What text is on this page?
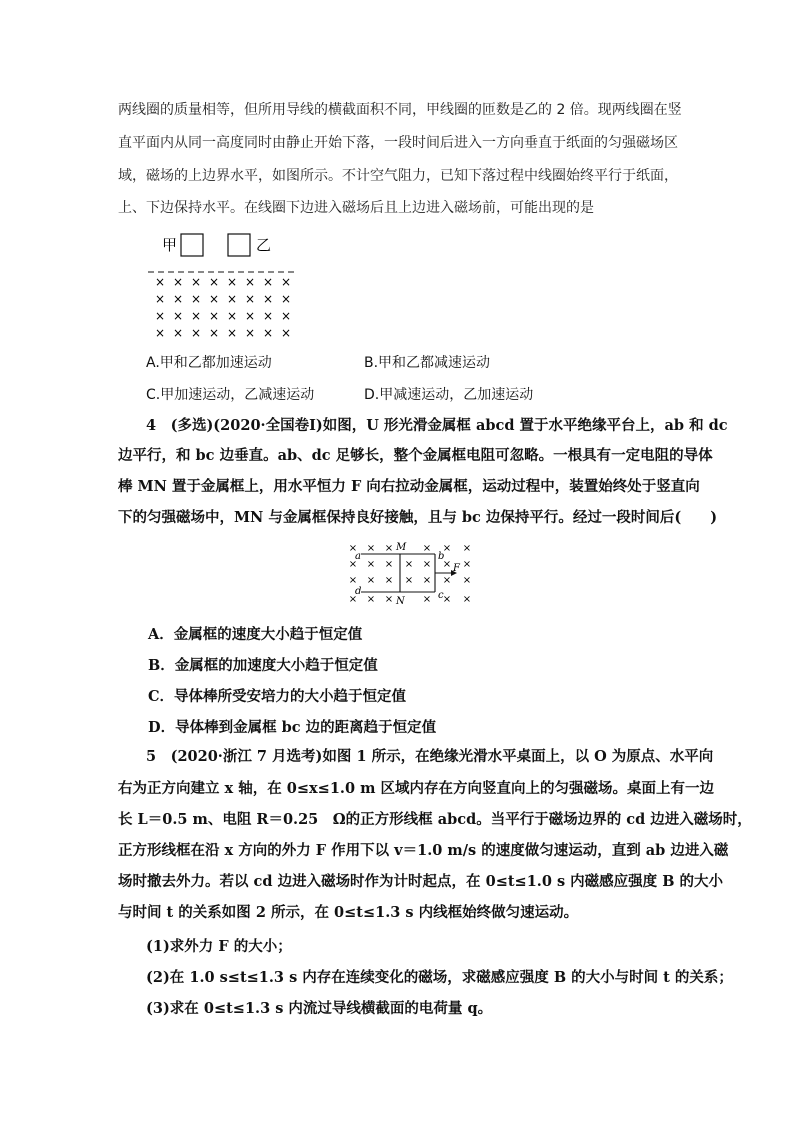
两线圈的质量相等，但所用导线的横截面积不同，甲线圈的匝数是乙的 2 倍。现两线圈在竖
直平面内从同一高度同时由静止开始下落，一段时间后进入一方向垂直于纸面的匀强磁场区
域，磁场的上边界水平，如图所示。不计空气阻力，已知下落过程中线圈始终平行于纸面，
上、下边保持水平。在线圈下边进入磁场后且上边进入磁场前，可能出现的是
甲	乙
× × × × × × × ×
× × × × × × × ×
× × × × × × × ×
× × × × × × × ×
A.甲和乙都加速运动	B.甲和乙都减速运动
C.甲加速运动，乙减速运动	D.甲减速运动，乙加速运动
4　(多选)(2020·全国卷Ⅰ)如图，U 形光滑金属框 abcd 置于水平绝缘平台上，ab 和 dc
边平行，和 bc 边垂直。ab、dc 足够长，整个金属框电阻可忽略。一根具有一定电阻的导体
棒 MN 置于金属框上，用水平恒力 F 向右拉动金属框，运动过程中，装置始终处于竖直向
下的匀强磁场中，MN 与金属框保持良好接触，且与 bc 边保持平行。经过一段时间后(　　)
× × ×	× × ×
× × × × × × ×
× × × × × × ×
× × ×	× × ×
a	b
c
d
M
N
F
A．金属框的速度大小趋于恒定值
B．金属框的加速度大小趋于恒定值
C．导体棒所受安培力的大小趋于恒定值
D．导体棒到金属框 bc 边的距离趋于恒定值
5　(2020·浙江 7 月选考)如图 1 所示，在绝缘光滑水平桌面上，以 O 为原点、水平向
右为正方向建立 x 轴，在 0≤x≤1.0 m 区域内存在方向竖直向上的匀强磁场。桌面上有一边
长 L＝0.5 m、电阻 R＝0.25　Ω的正方形线框 abcd。当平行于磁场边界的 cd 边进入磁场时，
正方形线框在沿 x 方向的外力 F 作用下以 v＝1.0 m/s 的速度做匀速运动，直到 ab 边进入磁
场时撤去外力。若以 cd 边进入磁场时作为计时起点，在 0≤t≤1.0 s 内磁感应强度 B 的大小
与时间 t 的关系如图 2 所示，在 0≤t≤1.3 s 内线框始终做匀速运动。
(1)求外力 F 的大小；
(2)在 1.0 s≤t≤1.3 s 内存在连续变化的磁场，求磁感应强度 B 的大小与时间 t 的关系；
(3)求在 0≤t≤1.3 s 内流过导线横截面的电荷量 q。
